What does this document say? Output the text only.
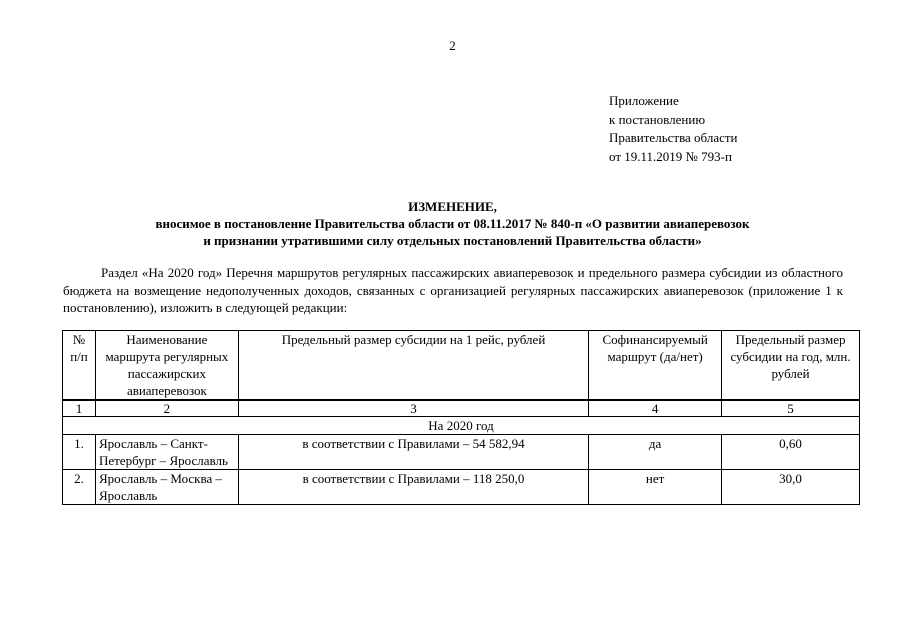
2
Приложение
к постановлению
Правительства области
от 19.11.2019 № 793-п
ИЗМЕНЕНИЕ,
вносимое в постановление Правительства области от 08.11.2017 № 840-п «О развитии авиаперевозок
и признании утратившими силу отдельных постановлений Правительства области»
Раздел «На 2020 год» Перечня маршрутов регулярных пассажирских авиаперевозок и предельного размера субсидии из областного бюджета на возмещение недополученных доходов, связанных с организацией регулярных пассажирских авиаперевозок (приложение 1 к постановлению), изложить в следующей редакции:
№ п/п	Наименование маршрута регулярных пассажирских авиаперевозок	Предельный размер субсидии на 1 рейс, рублей	Софинансируемый маршрут (да/нет)	Предельный размер субсидии на год, млн. рублей
1	2	3	4	5
На 2020 год				
1.	Ярославль – Санкт-Петербург – Ярославль	в соответствии с Правилами – 54 582,94	да	0,60
2.	Ярославль – Москва – Ярославль	в соответствии с Правилами – 118 250,0	нет	30,0
